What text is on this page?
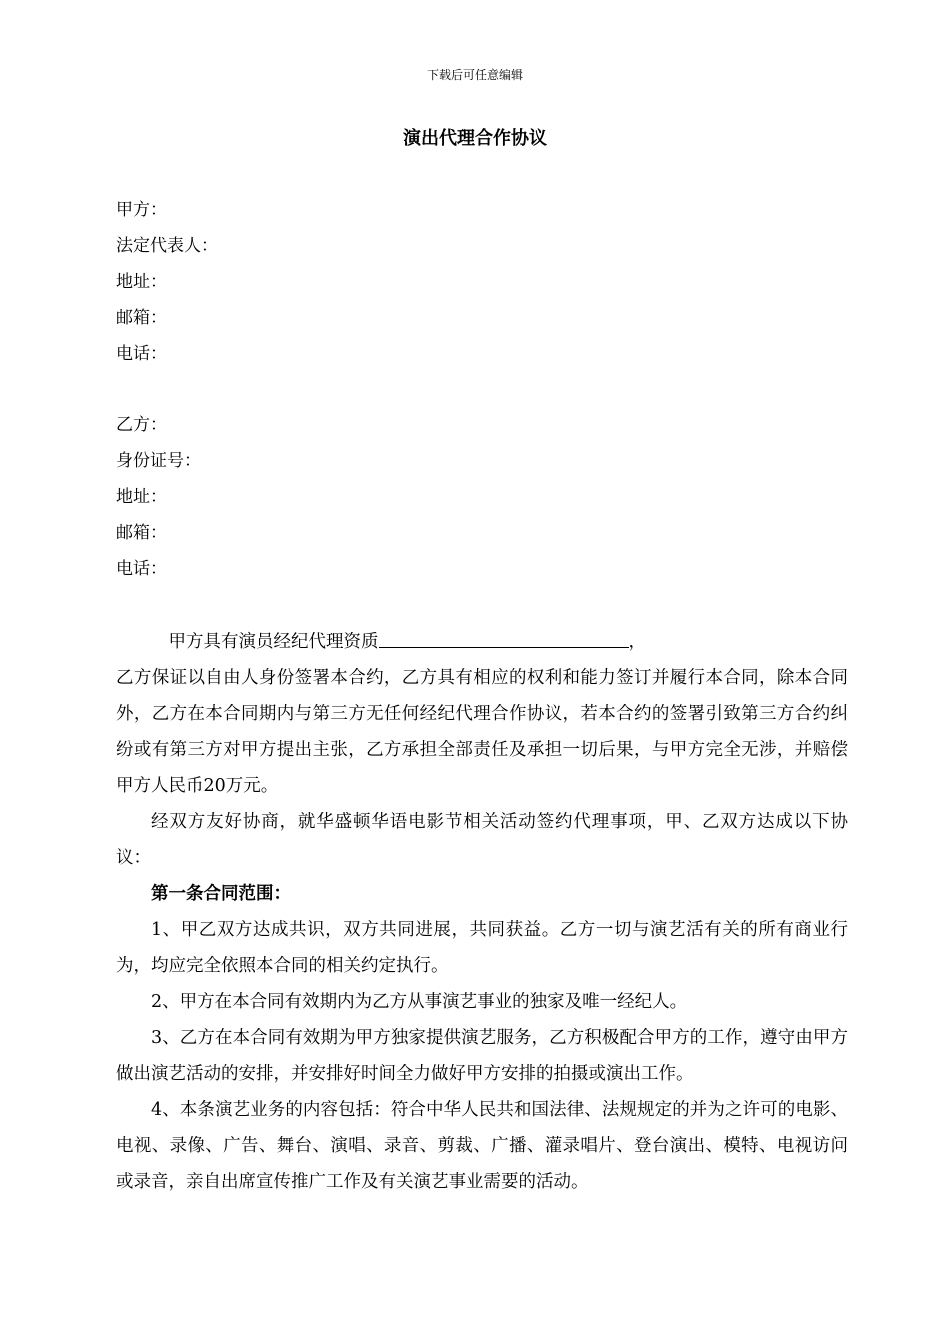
下载后可任意编辑
演出代理合作协议
甲方：
法定代表人：
地址：
邮箱：
电话：
乙方：
身份证号：
地址：
邮箱：
电话：

甲方具有演员经纪代理资质	，

乙方保证以自由人身份签署本合约，乙方具有相应的权利和能力签订并履行本合同，除本合同外，乙方在本合同期内与第三方无任何经纪代理合作协议，若本合约的签署引致第三方合约纠纷或有第三方对甲方提出主张，乙方承担全部责任及承担一切后果，与甲方完全无涉，并赔偿甲方人民币20万元。

经双方友好协商，就华盛顿华语电影节相关活动签约代理事项，甲、乙双方达成以下协议：

第一条合同范围：

1、甲乙双方达成共识，双方共同进展，共同获益。乙方一切与演艺活有关的所有商业行为，均应完全依照本合同的相关约定执行。

2、甲方在本合同有效期内为乙方从事演艺事业的独家及唯一经纪人。

3、乙方在本合同有效期为甲方独家提供演艺服务，乙方积极配合甲方的工作，遵守由甲方做出演艺活动的安排，并安排好时间全力做好甲方安排的拍摄或演出工作。

4、本条演艺业务的内容包括：符合中华人民共和国法律、法规规定的并为之许可的电影、电视、录像、广告、舞台、演唱、录音、剪裁、广播、灌录唱片、登台演出、模特、电视访问或录音，亲自出席宣传推广工作及有关演艺事业需要的活动。
